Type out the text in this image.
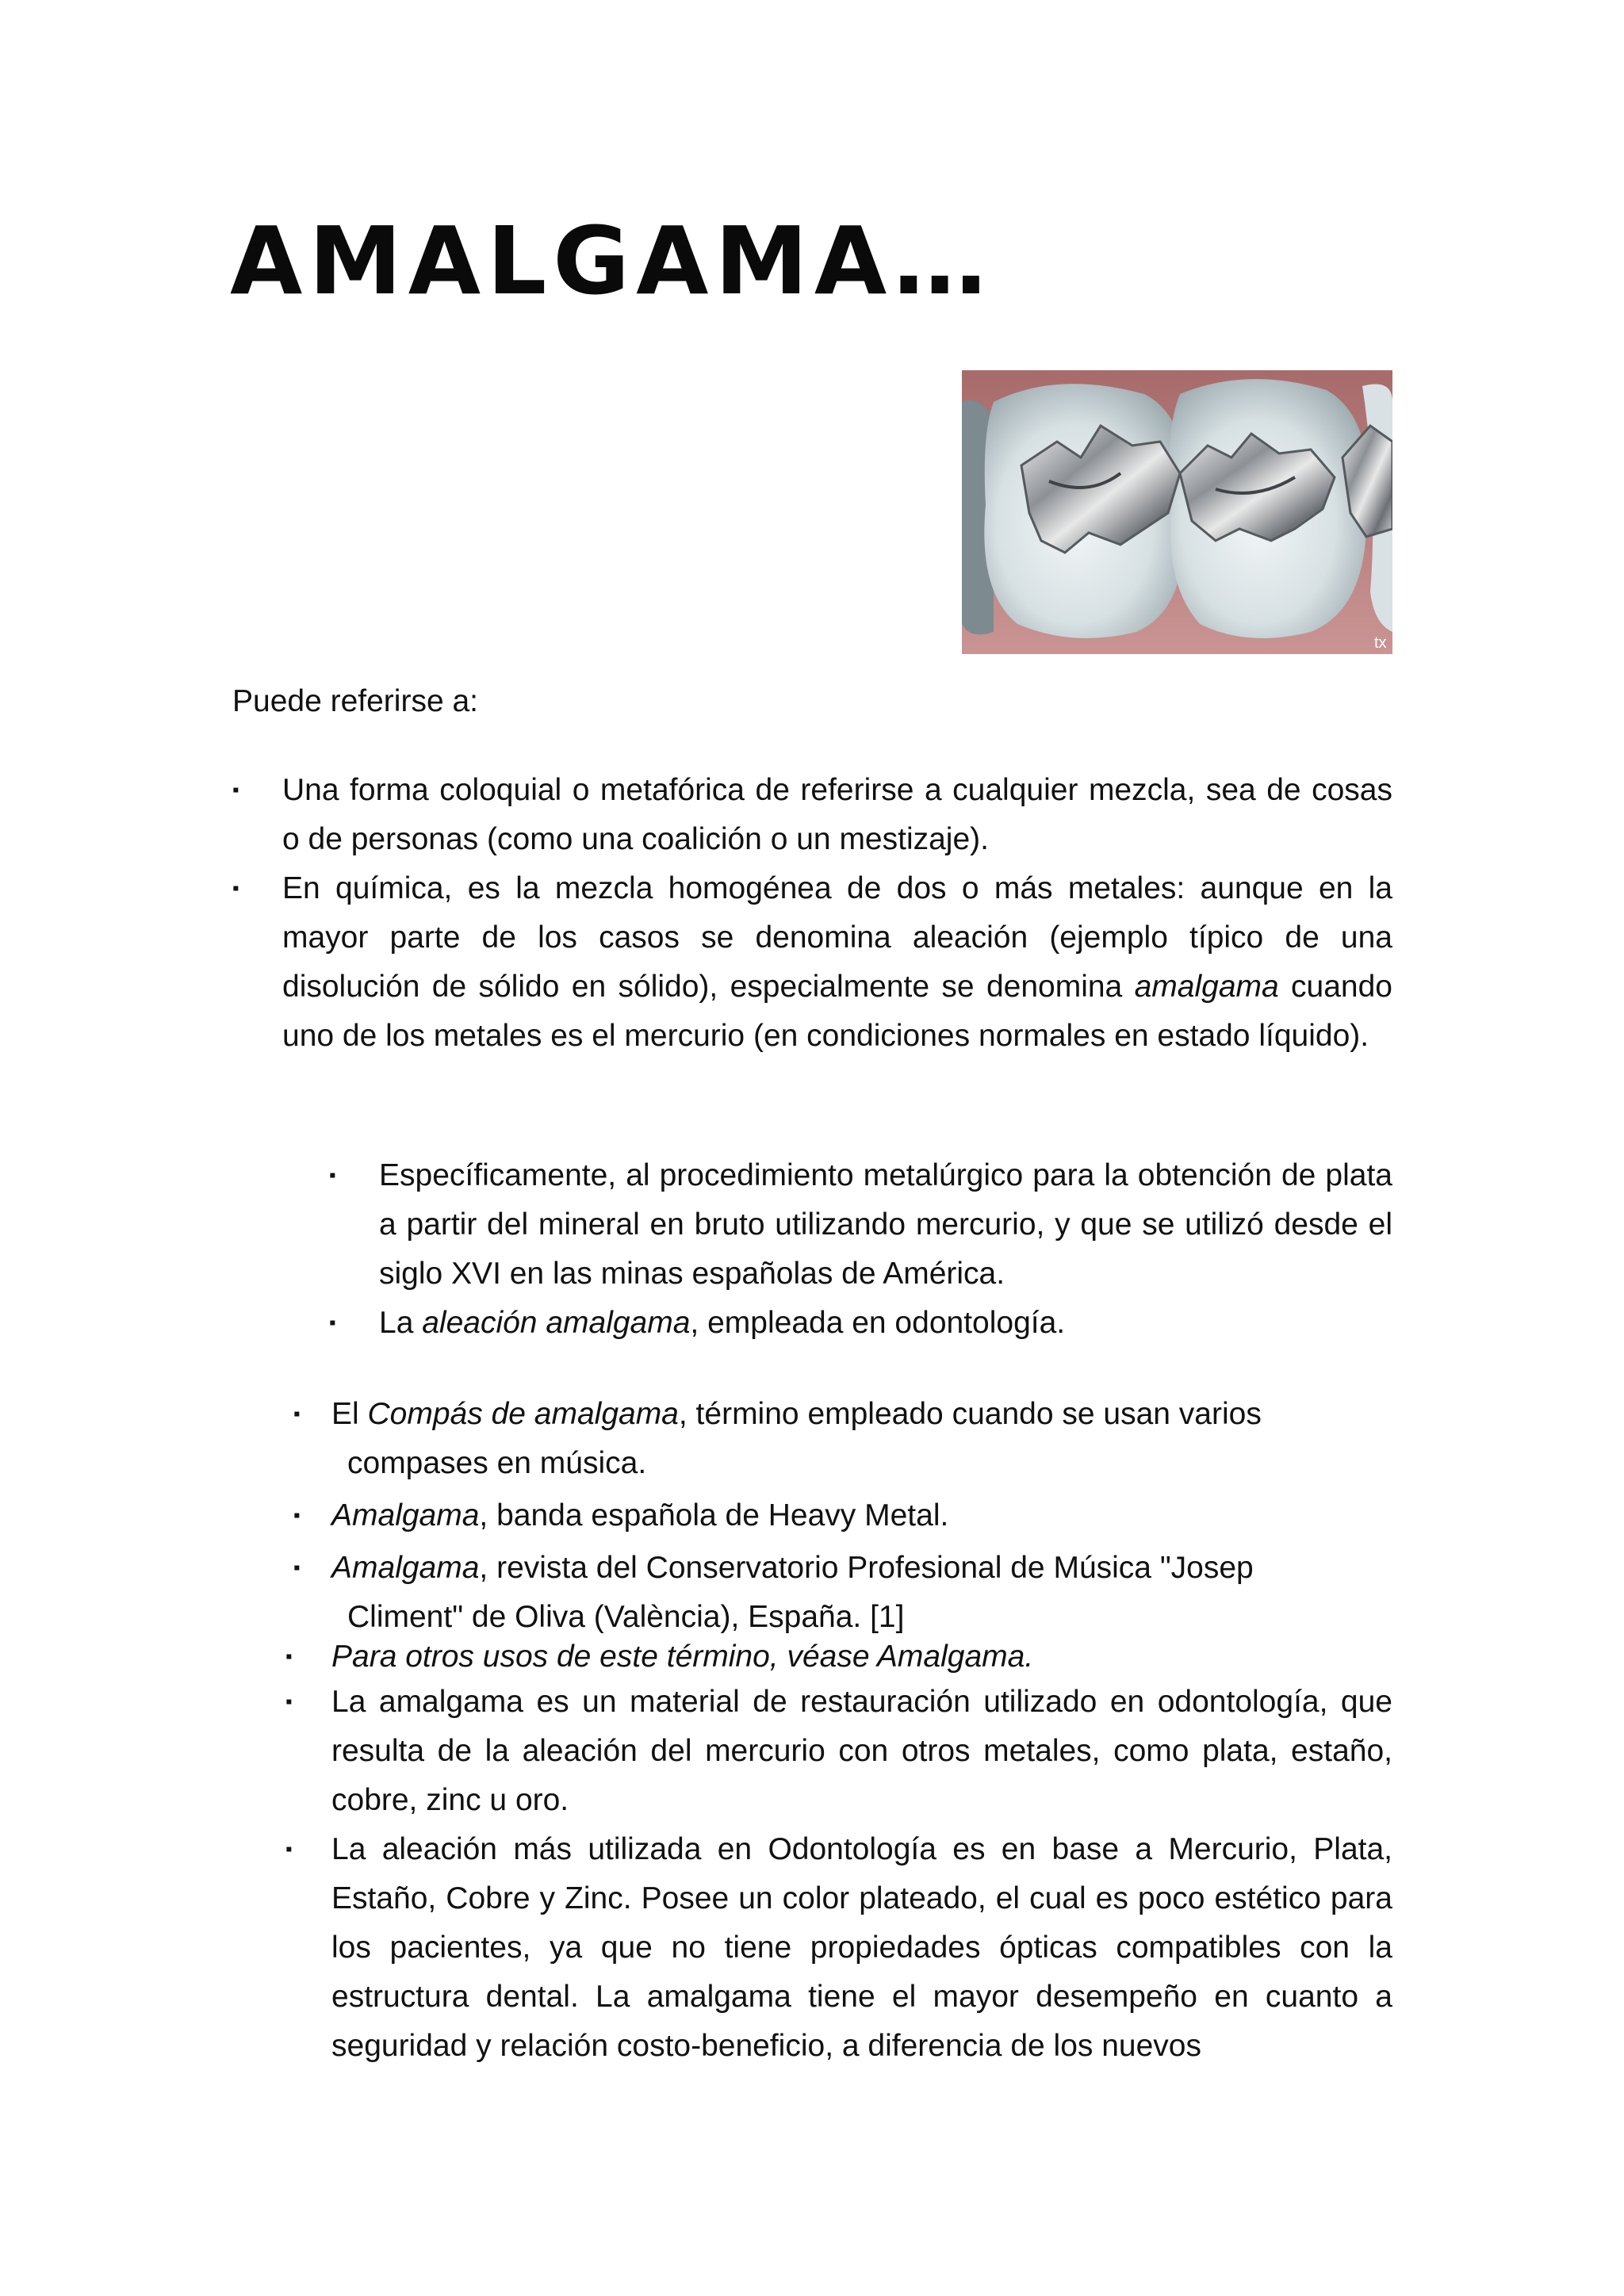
AMALGAMA…
tx

Puede referirse a:

▪ Una forma coloquial o metafórica de referirse a cualquier mezcla, sea de cosas o de personas (como una coalición o un mestizaje).
▪ En química, es la mezcla homogénea de dos o más metales: aunque en la mayor parte de los casos se denomina aleación (ejemplo típico de una disolución de sólido en sólido), especialmente se denomina amalgama cuando uno de los metales es el mercurio (en condiciones normales en estado líquido).
▪ Específicamente, al procedimiento metalúrgico para la obtención de plata a partir del mineral en bruto utilizando mercurio, y que se utilizó desde el siglo XVI en las minas españolas de América.
▪ La aleación amalgama, empleada en odontología.
▪ El Compás de amalgama, término empleado cuando se usan varios
compases en música.
▪ Amalgama, banda española de Heavy Metal.
▪ Amalgama, revista del Conservatorio Profesional de Música "Josep
Climent" de Oliva (València), España. [1]
▪ Para otros usos de este término, véase Amalgama.
▪ La amalgama es un material de restauración utilizado en odontología, que resulta de la aleación del mercurio con otros metales, como plata, estaño, cobre, zinc u oro.
▪ La aleación más utilizada en Odontología es en base a Mercurio, Plata, Estaño, Cobre y Zinc. Posee un color plateado, el cual es poco estético para los pacientes, ya que no tiene propiedades ópticas compatibles con la estructura dental. La amalgama tiene el mayor desempeño en cuanto a seguridad y relación costo-beneficio, a diferencia de los nuevos
